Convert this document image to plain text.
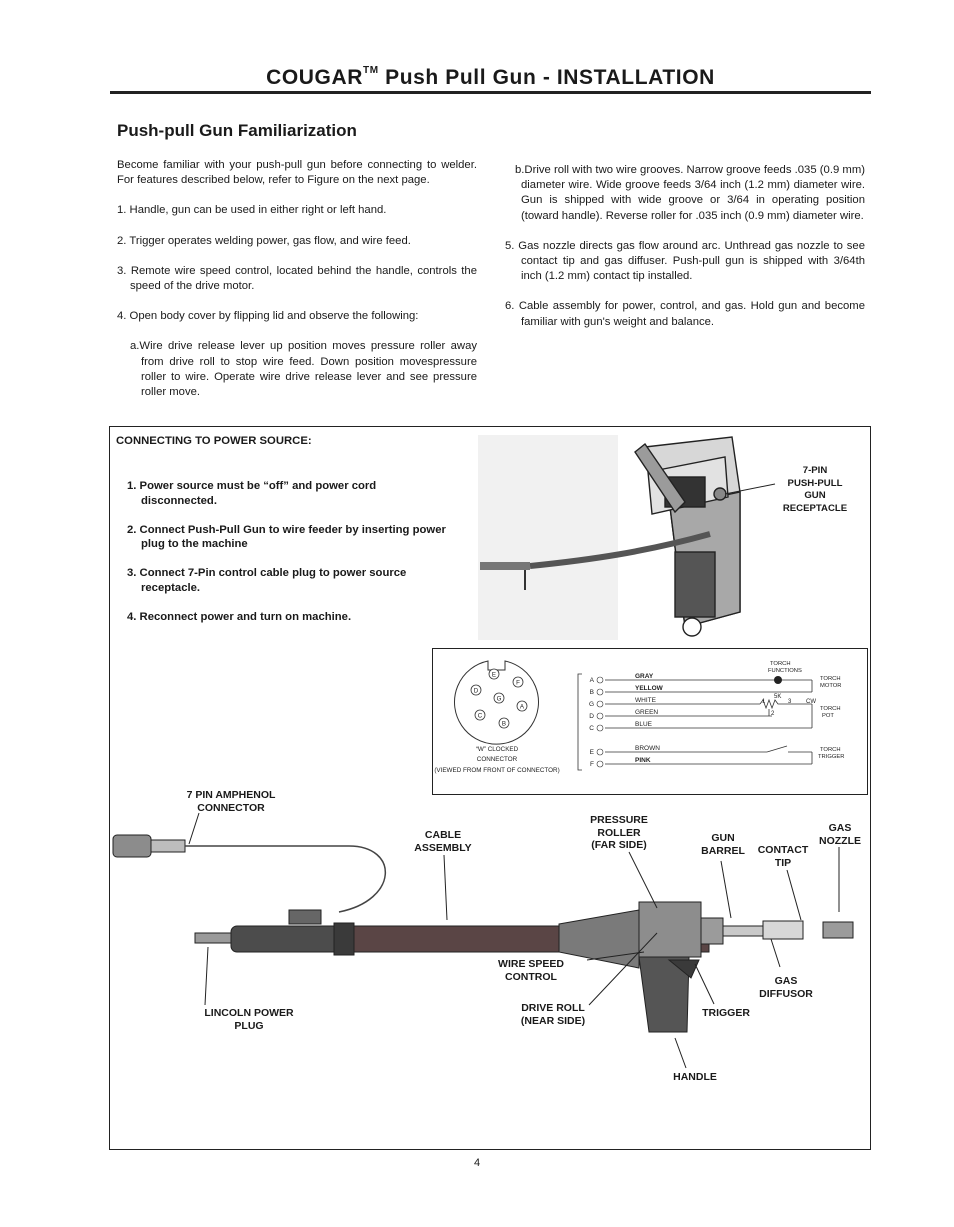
COUGAR™ Push Pull Gun - INSTALLATION
Push-pull Gun Familiarization

Become familiar with your push-pull gun before connecting to welder. For features described below, refer to Figure on the next page.

1. Handle, gun can be used in either right or left hand.

2. Trigger operates welding power, gas flow, and wire feed.

3. Remote wire speed control, located behind the handle, controls the speed of the drive motor.

4. Open body cover by flipping lid and observe the following:

a.Wire drive release lever up position moves pressure roller away from drive roll to stop wire feed. Down position movespressure roller to wire. Operate wire drive release lever and see pressure roller move.

b.Drive roll with two wire grooves. Narrow groove feeds .035 (0.9 mm) diameter wire. Wide groove feeds 3/64 inch (1.2 mm) diameter wire. Gun is shipped with wide groove or 3/64 in operating position (toward handle). Reverse roller for .035 inch (0.9 mm) diameter wire.

5. Gas nozzle directs gas flow around arc. Unthread gas nozzle to see contact tip and gas diffuser. Push-pull gun is shipped with 3/64th inch (1.2 mm) contact tip installed.

6. Cable assembly for power, control, and gas. Hold gun and become familiar with gun's weight and balance.

CONNECTING TO POWER SOURCE:

1. Power source must be “off” and power cord disconnected.

2. Connect Push-Pull Gun to wire feeder by inserting power plug to the machine

3. Connect 7-Pin control cable plug to power source receptacle.

4. Reconnect power and turn on machine.

7-PIN
PUSH-PULL
GUN
RECEPTACLE
E
F
D
G
A
C
B
“W” CLOCKED
CONNECTOR
(VIEWED FROM FRONT OF CONNECTOR)
A
B
G
D
C
E
F
GRAY
YELLOW
WHITE
GREEN
BLUE
BROWN
PINK
TORCH
FUNCTIONS
TORCH
MOTOR
TORCH
POT
TORCH
TRIGGER
5K
1	3
2
CW
7 PIN AMPHENOL
CONNECTOR
CABLE
ASSEMBLY
PRESSURE
ROLLER
(FAR SIDE)
GUN
BARREL	CONTACT
TIP
GAS
NOZZLE
WIRE SPEED
CONTROL	GAS
DIFFUSOR
DRIVE ROLL
(NEAR SIDE)
TRIGGER
LINCOLN POWER
PLUG
HANDLE
4
